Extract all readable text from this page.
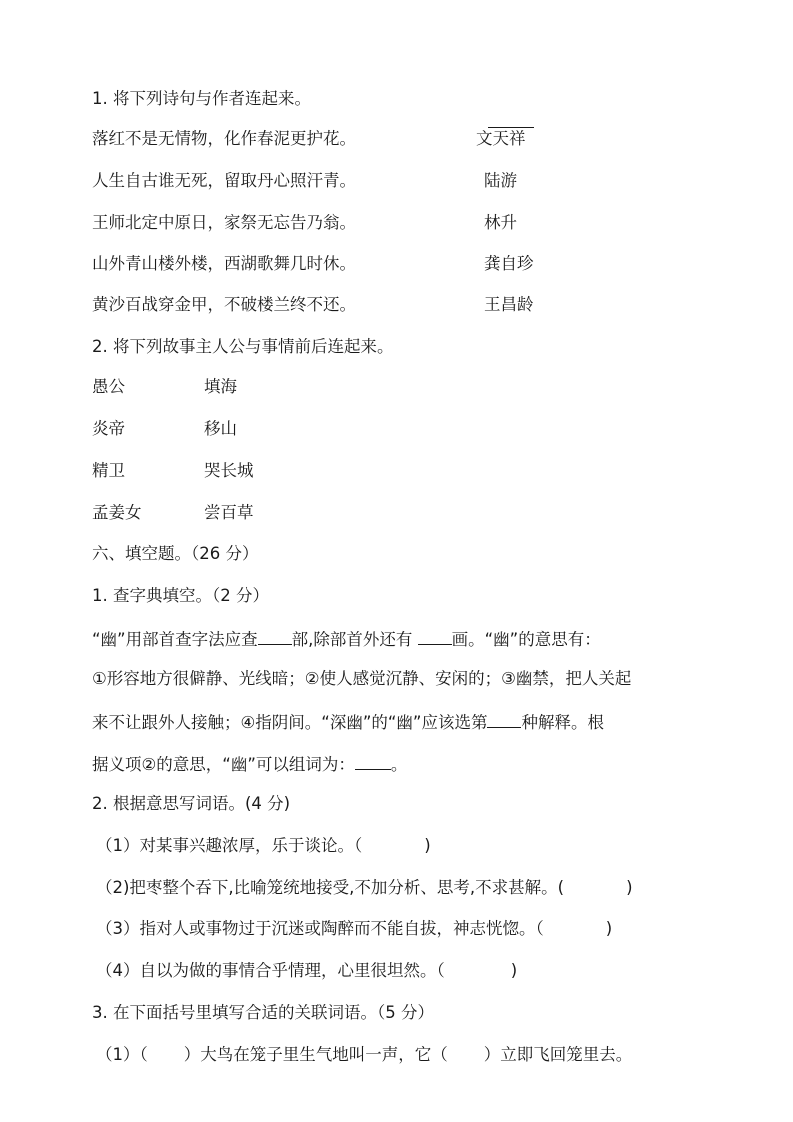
1. 将下列诗句与作者连起来。
落红不是无情物，化作春泥更护花。	文天祥
人生自古谁无死，留取丹心照汗青。	陆游
王师北定中原日，家祭无忘告乃翁。	林升
山外青山楼外楼，西湖歌舞几时休。	龚自珍
黄沙百战穿金甲，不破楼兰终不还。	王昌龄
2. 将下列故事主人公与事情前后连起来。
愚公	填海
炎帝	移山
精卫	哭长城
孟姜女	尝百草
六、填空题。（26 分）
1. 查字典填空。（2 分）
“幽”用部首查字法应查 部,除部首外还有 画。“幽”的意思有：
①形容地方很僻静、光线暗；②使人感觉沉静、安闲的；③幽禁，把人关起
来不让跟外人接触；④指阴间。“深幽”的“幽”应该选第 种解释。根
据义项②的意思，“幽”可以组词为： 。
2. 根据意思写词语。(4 分)
（1）对某事兴趣浓厚，乐于谈论。（	)
（2)把枣整个吞下,比喻笼统地接受,不加分析、思考,不求甚解。(	)
（3）指对人或事物过于沉迷或陶醉而不能自拔，神志恍惚。（	)
（4）自以为做的事情合乎情理，心里很坦然。（	)
3. 在下面括号里填写合适的关联词语。（5 分）
（1）（ ）大鸟在笼子里生气地叫一声，它（ ）立即飞回笼里去。
